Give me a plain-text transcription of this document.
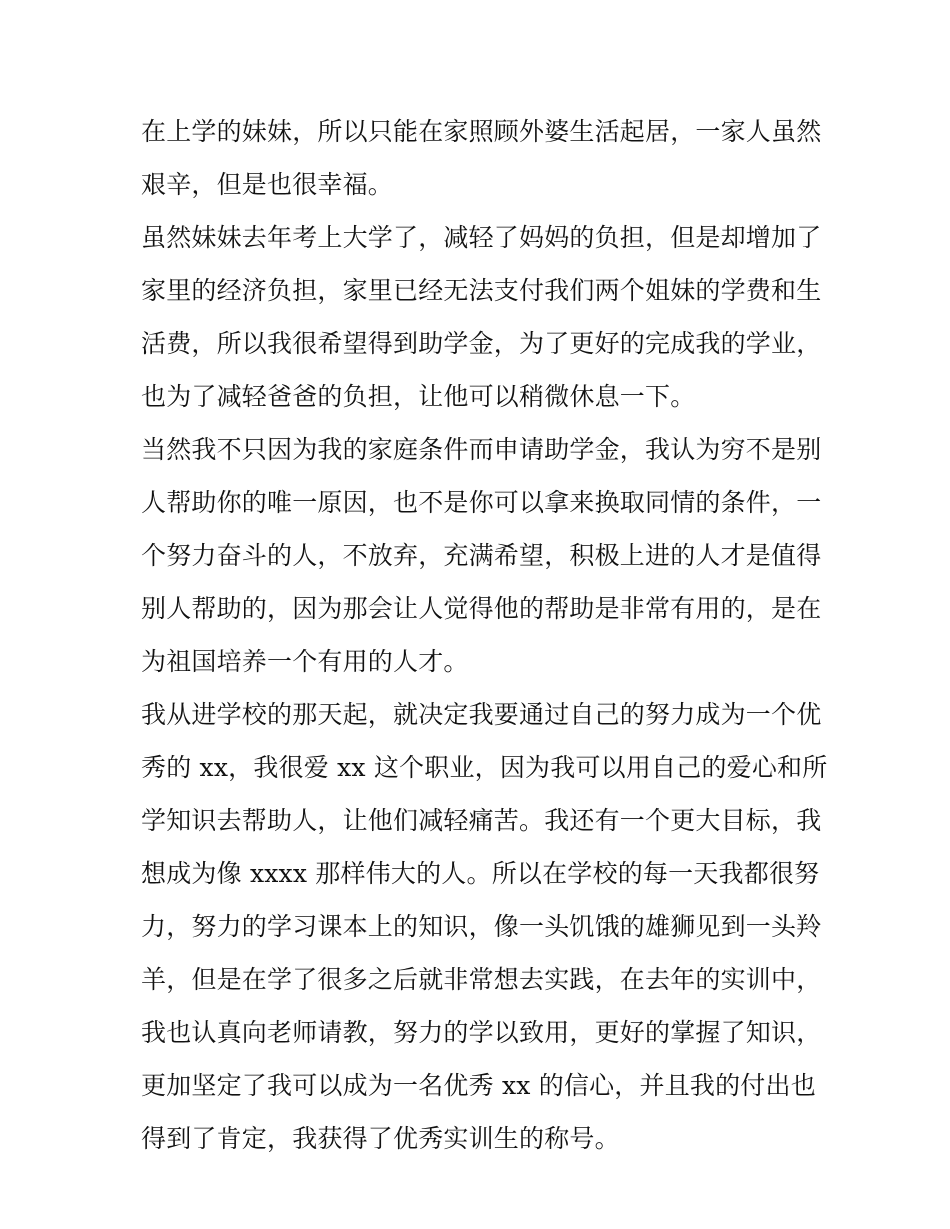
在上学的妹妹，所以只能在家照顾外婆生活起居，一家人虽然
艰辛，但是也很幸福。
虽然妹妹去年考上大学了，减轻了妈妈的负担，但是却增加了
家里的经济负担，家里已经无法支付我们两个姐妹的学费和生
活费，所以我很希望得到助学金，为了更好的完成我的学业，
也为了减轻爸爸的负担，让他可以稍微休息一下。
当然我不只因为我的家庭条件而申请助学金，我认为穷不是别
人帮助你的唯一原因，也不是你可以拿来换取同情的条件，一
个努力奋斗的人，不放弃，充满希望，积极上进的人才是值得
别人帮助的，因为那会让人觉得他的帮助是非常有用的，是在
为祖国培养一个有用的人才。
我从进学校的那天起，就决定我要通过自己的努力成为一个优
秀的 xx，我很爱 xx 这个职业，因为我可以用自己的爱心和所
学知识去帮助人，让他们减轻痛苦。我还有一个更大目标，我
想成为像 xxxx 那样伟大的人。所以在学校的每一天我都很努
力，努力的学习课本上的知识，像一头饥饿的雄狮见到一头羚
羊，但是在学了很多之后就非常想去实践，在去年的实训中，
我也认真向老师请教，努力的学以致用，更好的掌握了知识，
更加坚定了我可以成为一名优秀 xx 的信心，并且我的付出也
得到了肯定，我获得了优秀实训生的称号。
